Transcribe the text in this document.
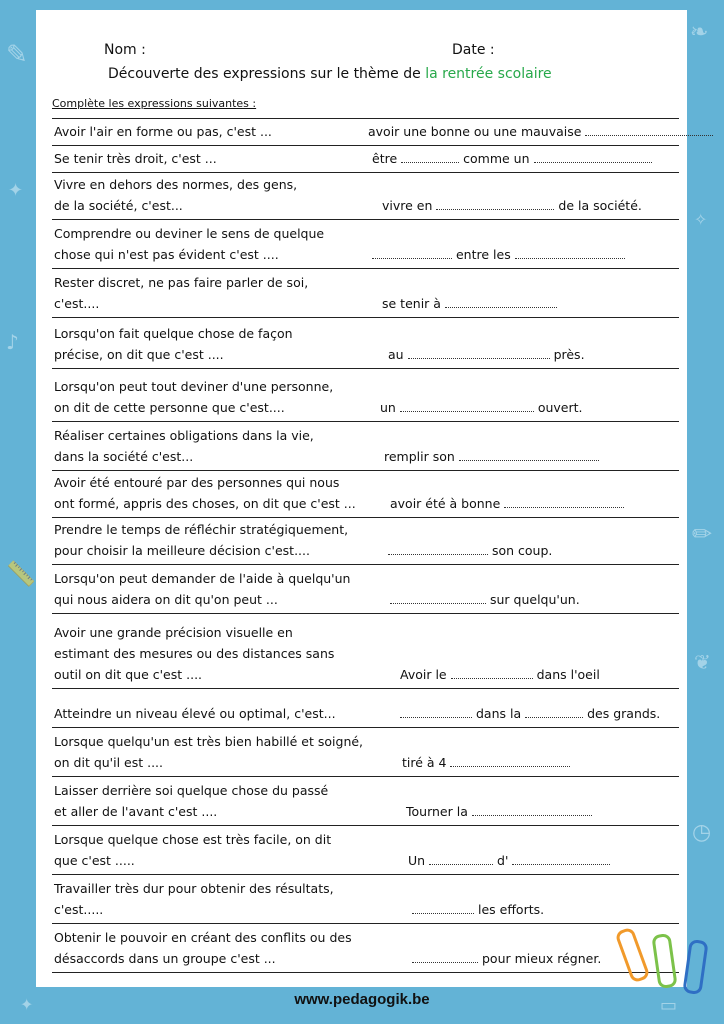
✎
✦
♪
📏
❧
✧
✏
❦
◷
✦	▭
Nom :	Date :
Découverte des expressions sur le thème de la rentrée scolaire
Complète les expressions suivantes :
Avoir l'air en forme ou pas, c'est ...	avoir une bonne ou une mauvaise
Se tenir très droit, c'est ...	être	comme un
Vivre en dehors des normes, des gens,
de la société, c'est...	vivre en	de la société.
Comprendre ou deviner le sens de quelque
chose qui n'est pas évident c'est ....	entre les
Rester discret, ne pas faire parler de soi,
c'est....	se tenir à
Lorsqu'on fait quelque chose de façon
précise, on dit que c'est ....	au	près.
Lorsqu'on peut tout deviner d'une personne,
on dit de cette personne que c'est....	un	ouvert.
Réaliser certaines obligations dans la vie,
dans la société c'est...	remplir son
Avoir été entouré par des personnes qui nous
ont formé, appris des choses, on dit que c'est ...	avoir été à bonne
Prendre le temps de réfléchir stratégiquement,
pour choisir la meilleure décision c'est....	son coup.
Lorsqu'on peut demander de l'aide à quelqu'un
qui nous aidera on dit qu'on peut ...	sur quelqu'un.
Avoir une grande précision visuelle en
estimant des mesures ou des distances sans
outil on dit que c'est ....	Avoir le	dans l'oeil
Atteindre un niveau élevé ou optimal, c'est...	dans la	des grands.
Lorsque quelqu'un est très bien habillé et soigné,
on dit qu'il est ....	tiré à 4
Laisser derrière soi quelque chose du passé
et aller de l'avant c'est ....	Tourner la
Lorsque quelque chose est très facile, on dit
que c'est .....	Un	d'
Travailler très dur pour obtenir des résultats,
c'est.....	les efforts.
Obtenir le pouvoir en créant des conflits ou des
désaccords dans un groupe c'est ...	pour mieux régner.
www.pedagogik.be
